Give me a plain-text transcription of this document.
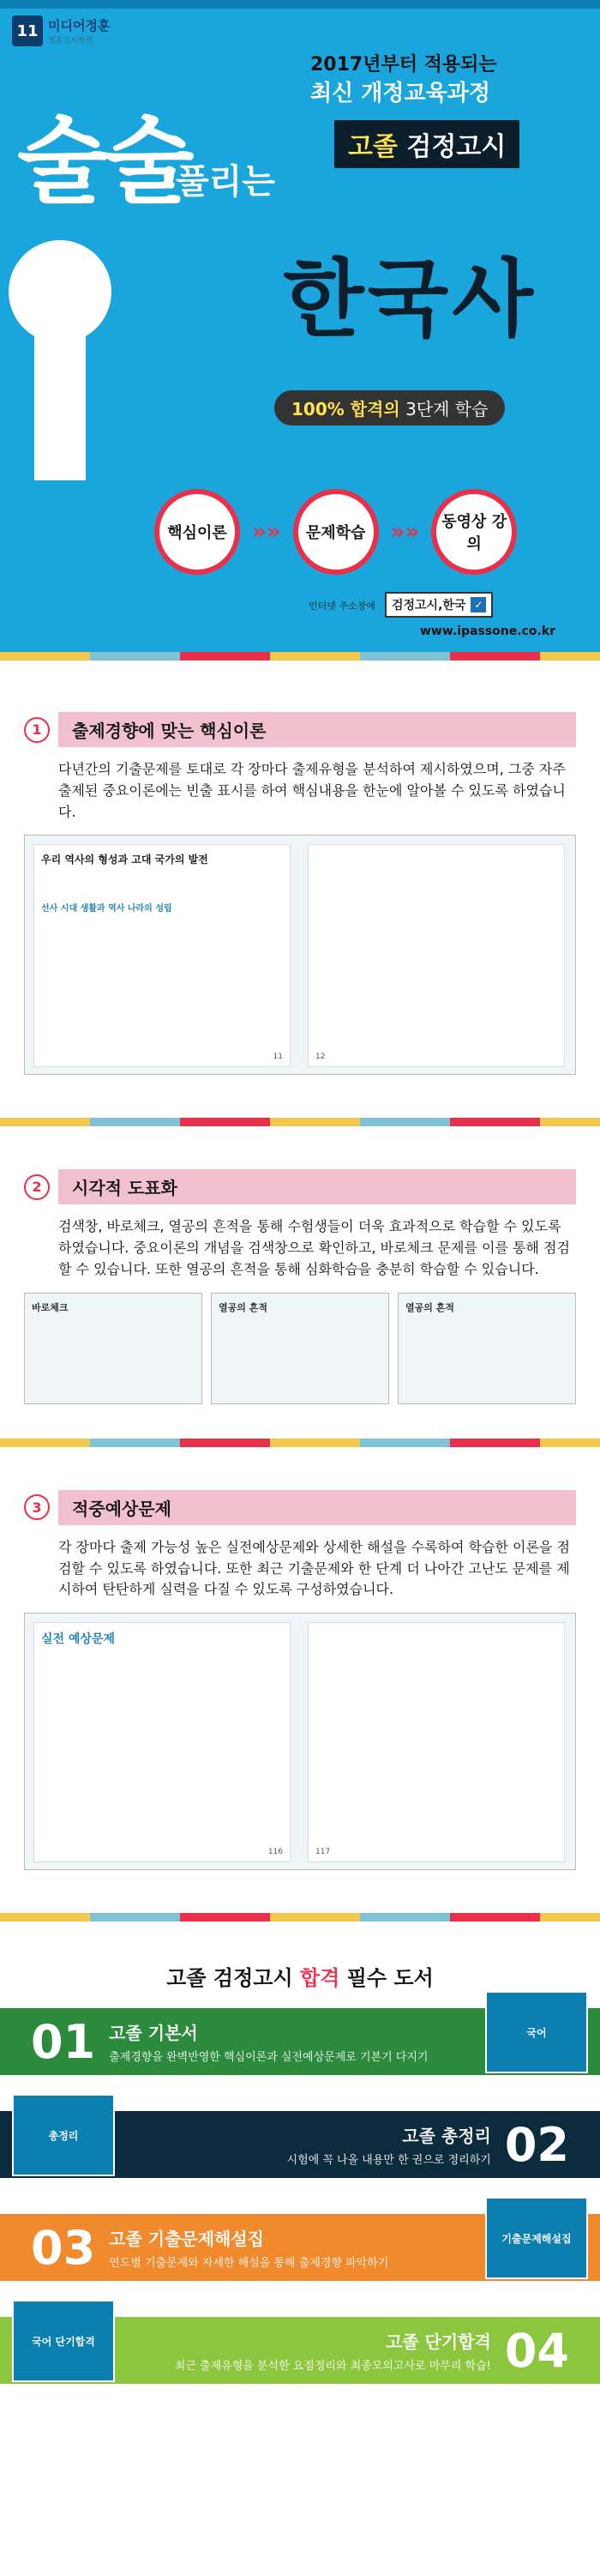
11 미디어정훈
정훈고시학원
2017년부터 적용되는
최신 개정교육과정
고졸 검정고시
술술
풀리는
한국사
100% 합격의 3단계 학습
핵심이론	»»	문제학습	»»	동영상 강의
인터넷 주소창에 검정고시,한국 ✓
www.ipassone.co.kr
1	출제경향에 맞는 핵심이론
다년간의 기출문제를 토대로 각 장마다 출제유형을 분석하여 제시하였으며, 그중 자주 출제된 중요이론에는 빈출 표시를 하여 핵심내용을 한눈에 알아볼 수 있도록 하였습니다.
우리 역사의 형성과 고대 국가의 발전
선사 시대 생활과 역사 나라의 성립
11	12
2	시각적 도표화
검색창, 바로체크, 열공의 흔적을 통해 수험생들이 더욱 효과적으로 학습할 수 있도록 하였습니다. 중요이론의 개념을 검색창으로 확인하고, 바로체크 문제를 이를 통해 점검할 수 있습니다. 또한 열공의 흔적을 통해 심화학습을 충분히 학습할 수 있습니다.
바로체크	열공의 흔적	열공의 흔적
3	적중예상문제
각 장마다 출제 가능성 높은 실전예상문제와 상세한 해설을 수록하여 학습한 이론을 점검할 수 있도록 하였습니다. 또한 최근 기출문제와 한 단계 더 나아간 고난도 문제를 제시하여 탄탄하게 실력을 다질 수 있도록 구성하였습니다.
실전 예상문제
116	117
고졸 검정고시 합격 필수 도서
01 고졸 기본서
출제경향을 완벽반영한 핵심이론과 실전예상문제로 기본기 다지기
국어
고졸 총정리
시험에 꼭 나올 내용만 한 권으로 정리하기 02
총정리
03 고졸 기출문제해설집
연도별 기출문제와 자세한 해설을 통해 출제경향 파악하기
기출문제해설집
고졸 단기합격
최근 출제유형을 분석한 요점정리와 최종모의고사로 마무리 학습! 04
국어 단기합격
